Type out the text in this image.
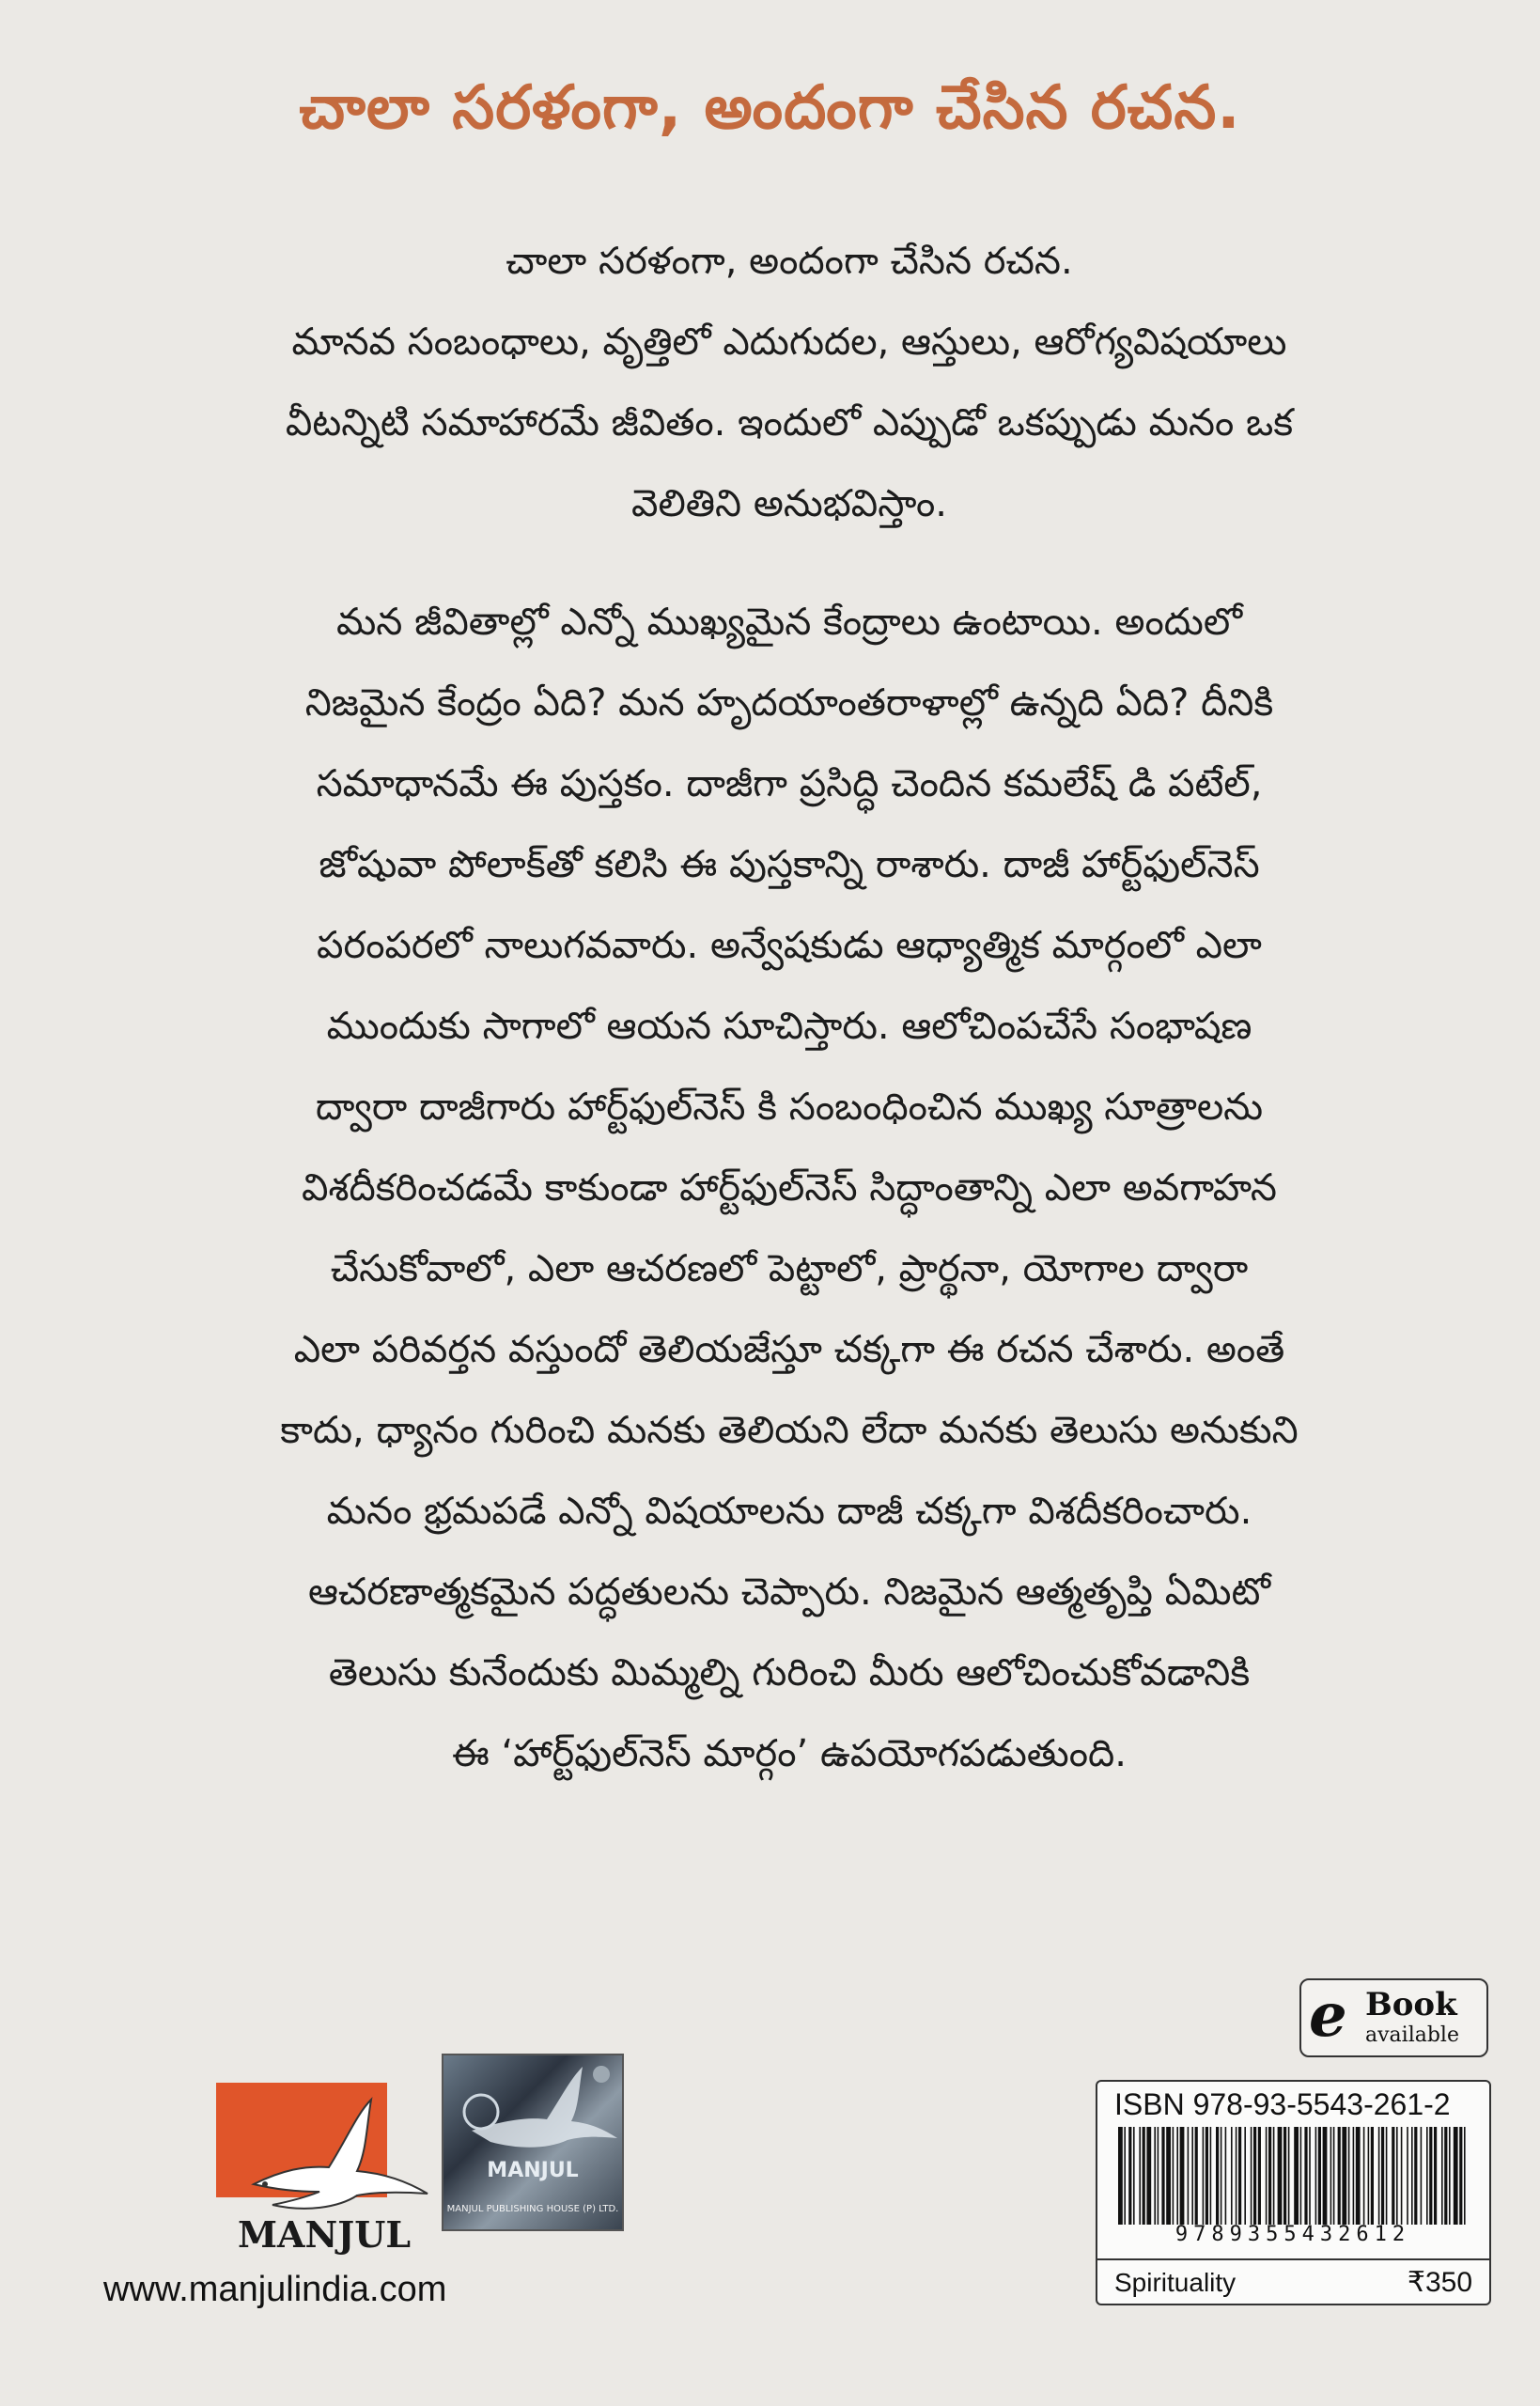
చాలా సరళంగా, అందంగా చేసిన రచన.
చాలా సరళంగా, అందంగా చేసిన రచన.
మానవ సంబంధాలు, వృత్తిలో ఎదుగుదల, ఆస్తులు, ఆరోగ్యవిషయాలు
వీటన్నిటి సమాహారమే జీవితం. ఇందులో ఎప్పుడో ఒకప్పుడు మనం ఒక
వెలితిని అనుభవిస్తాం.
మన జీవితాల్లో ఎన్నో ముఖ్యమైన కేంద్రాలు ఉంటాయి. అందులో
నిజమైన కేంద్రం ఏది? మన హృదయాంతరాళాల్లో ఉన్నది ఏది? దీనికి
సమాధానమే ఈ పుస్తకం. దాజీగా ప్రసిద్ధి చెందిన కమలేష్ డి పటేల్,
జోషువా పోలాక్‌తో కలిసి ఈ పుస్తకాన్ని రాశారు. దాజీ హార్ట్‌ఫుల్‌నెస్
పరంపరలో నాలుగవవారు. అన్వేషకుడు ఆధ్యాత్మిక మార్గంలో ఎలా
ముందుకు సాగాలో ఆయన సూచిస్తారు. ఆలోచింపచేసే సంభాషణ
ద్వారా దాజీగారు హార్ట్‌ఫుల్‌నెస్ కి సంబంధించిన ముఖ్య సూత్రాలను
విశదీకరించడమే కాకుండా హార్ట్‌ఫుల్‌నెస్ సిద్ధాంతాన్ని ఎలా అవగాహన
చేసుకోవాలో, ఎలా ఆచరణలో పెట్టాలో, ప్రార్థనా, యోగాల ద్వారా
ఎలా పరివర్తన వస్తుందో తెలియజేస్తూ చక్కగా ఈ రచన చేశారు. అంతే
కాదు, ధ్యానం గురించి మనకు తెలియని లేదా మనకు తెలుసు అనుకుని
మనం భ్రమపడే ఎన్నో విషయాలను దాజీ చక్కగా విశదీకరించారు.
ఆచరణాత్మకమైన పద్ధతులను చెప్పారు. నిజమైన ఆత్మతృప్తి ఏమిటో
తెలుసు కునేందుకు మిమ్మల్ని గురించి మీరు ఆలోచించుకోవడానికి
ఈ ‘హార్ట్‌ఫుల్‌నెస్ మార్గం’ ఉపయోగపడుతుంది.
MANJUL
MANJUL
MANJUL PUBLISHING HOUSE (P) LTD.
www.manjulindia.com
e Book
available
ISBN 978-93-5543-261-2
9789355432612
Spirituality	₹350
